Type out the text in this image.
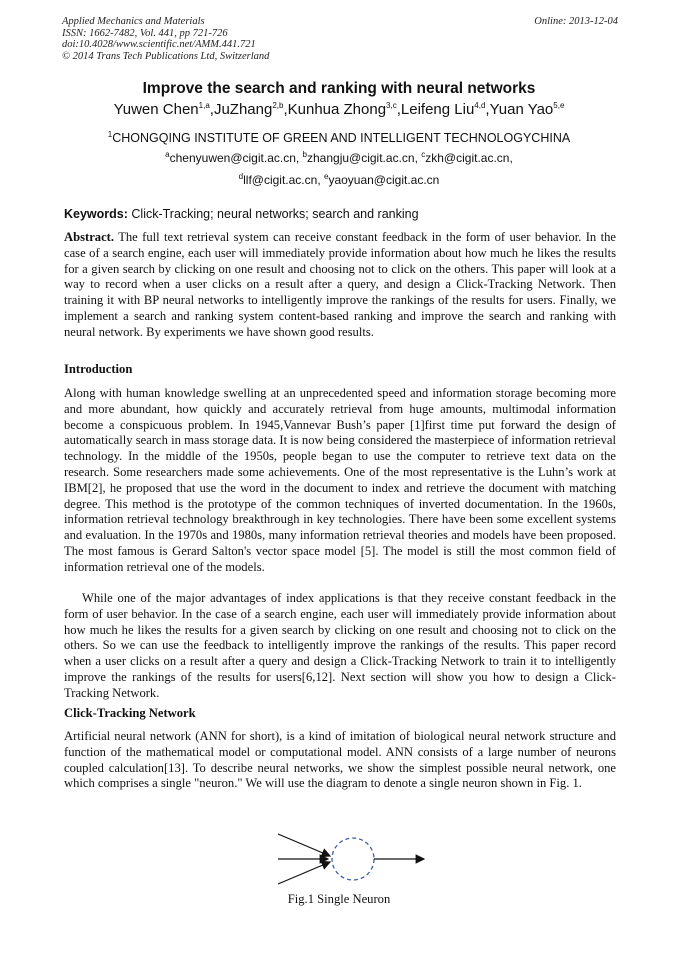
Applied Mechanics and Materials
ISSN: 1662-7482, Vol. 441, pp 721-726
doi:10.4028/www.scientific.net/AMM.441.721
© 2014 Trans Tech Publications Ltd, Switzerland
Online: 2013-12-04
Improve the search and ranking with neural networks
Yuwen Chen$^{1,a}$,JuZhang$^{2,b}$,Kunhua Zhong$^{3,c}$,Leifeng Liu$^{4,d}$,Yuan Yao$^{5,e}$
$^1$CHONGQING INSTITUTE OF GREEN AND INTELLIGENT TECHNOLOGYCHINA
$^a$chenyuwen@cigit.ac.cn, $^b$zhangju@cigit.ac.cn, $^c$zkh@cigit.ac.cn,
$^d$llf@cigit.ac.cn, $^e$yaoyuan@cigit.ac.cn
Keywords: Click-Tracking; neural networks; search and ranking

Abstract. The full text retrieval system can receive constant feedback in the form of user behavior. In the case of a search engine, each user will immediately provide information about how much he likes the results for a given search by clicking on one result and choosing not to click on the others. This paper will look at a way to record when a user clicks on a result after a query, and design a Click-Tracking Network. Then training it with BP neural networks to intelligently improve the rankings of the results for users. Finally, we implement a search and ranking system content-based ranking and improve the search and ranking with neural network. By experiments we have shown good results.

Introduction

Along with human knowledge swelling at an unprecedented speed and information storage becoming more and more abundant, how quickly and accurately retrieval from huge amounts, multimodal information become a conspicuous problem. In 1945,Vannevar Bush’s paper [1]first time put forward the design of automatically search in mass storage data. It is now being considered the masterpiece of information retrieval technology. In the middle of the 1950s, people began to use the computer to retrieve text data on the research. Some researchers made some achievements. One of the most representative is the Luhn’s work at IBM[2], he proposed that use the word in the document to index and retrieve the document with matching degree. This method is the prototype of the common techniques of inverted documentation. In the 1960s, information retrieval technology breakthrough in key technologies. There have been some excellent systems and evaluation. In the 1970s and 1980s, many information retrieval theories and models have been proposed. The most famous is Gerard Salton's vector space model [5]. The model is still the most common field of information retrieval one of the models.

While one of the major advantages of index applications is that they receive constant feedback in the form of user behavior. In the case of a search engine, each user will immediately provide information about how much he likes the results for a given search by clicking on one result and choosing not to click on the others. So we can use the feedback to intelligently improve the rankings of the results. This paper record when a user clicks on a result after a query and design a Click-Tracking Network to train it to intelligently improve the rankings of the results for users[6,12]. Next section will show you how to design a Click-Tracking Network.

Click-Tracking Network

Artificial neural network (ANN for short), is a kind of imitation of biological neural network structure and function of the mathematical model or computational model. ANN consists of a large number of neurons coupled calculation[13]. To describe neural networks, we show the simplest possible neural network, one which comprises a single "neuron." We will use the diagram to denote a single neuron shown in Fig. 1.

Fig.1 Single Neuron
